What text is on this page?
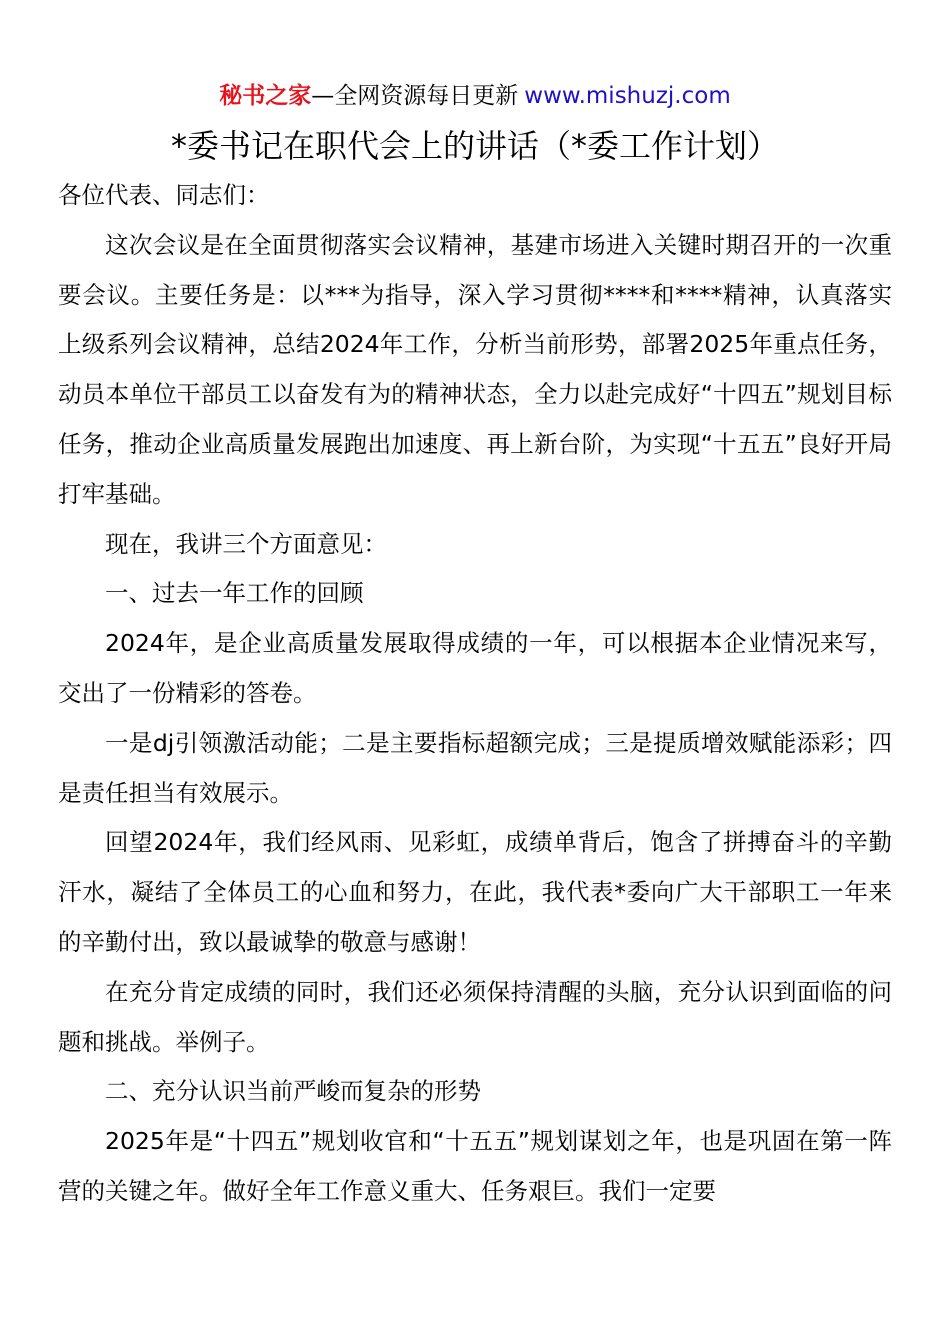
秘书之家—全网资源每日更新 www.mishuzj.com
*委书记在职代会上的讲话（*委工作计划）

各位代表、同志们：

这次会议是在全面贯彻落实会议精神，基建市场进入关键时期召开的一次重要会议。主要任务是：以***为指导，深入学习贯彻****和****精神，认真落实上级系列会议精神，总结2024年工作，分析当前形势，部署2025年重点任务，动员本单位干部员工以奋发有为的精神状态，全力以赴完成好“十四五”规划目标任务，推动企业高质量发展跑出加速度、再上新台阶，为实现“十五五”良好开局打牢基础。

现在，我讲三个方面意见：

一、过去一年工作的回顾

2024年，是企业高质量发展取得成绩的一年，可以根据本企业情况来写，交出了一份精彩的答卷。

一是dj引领激活动能；二是主要指标超额完成；三是提质增效赋能添彩；四是责任担当有效展示。

回望2024年，我们经风雨、见彩虹，成绩单背后，饱含了拼搏奋斗的辛勤汗水，凝结了全体员工的心血和努力，在此，我代表*委向广大干部职工一年来的辛勤付出，致以最诚挚的敬意与感谢！

在充分肯定成绩的同时，我们还必须保持清醒的头脑，充分认识到面临的问题和挑战。举例子。

二、充分认识当前严峻而复杂的形势

2025年是“十四五”规划收官和“十五五”规划谋划之年，也是巩固在第一阵营的关键之年。做好全年工作意义重大、任务艰巨。我们一定要
